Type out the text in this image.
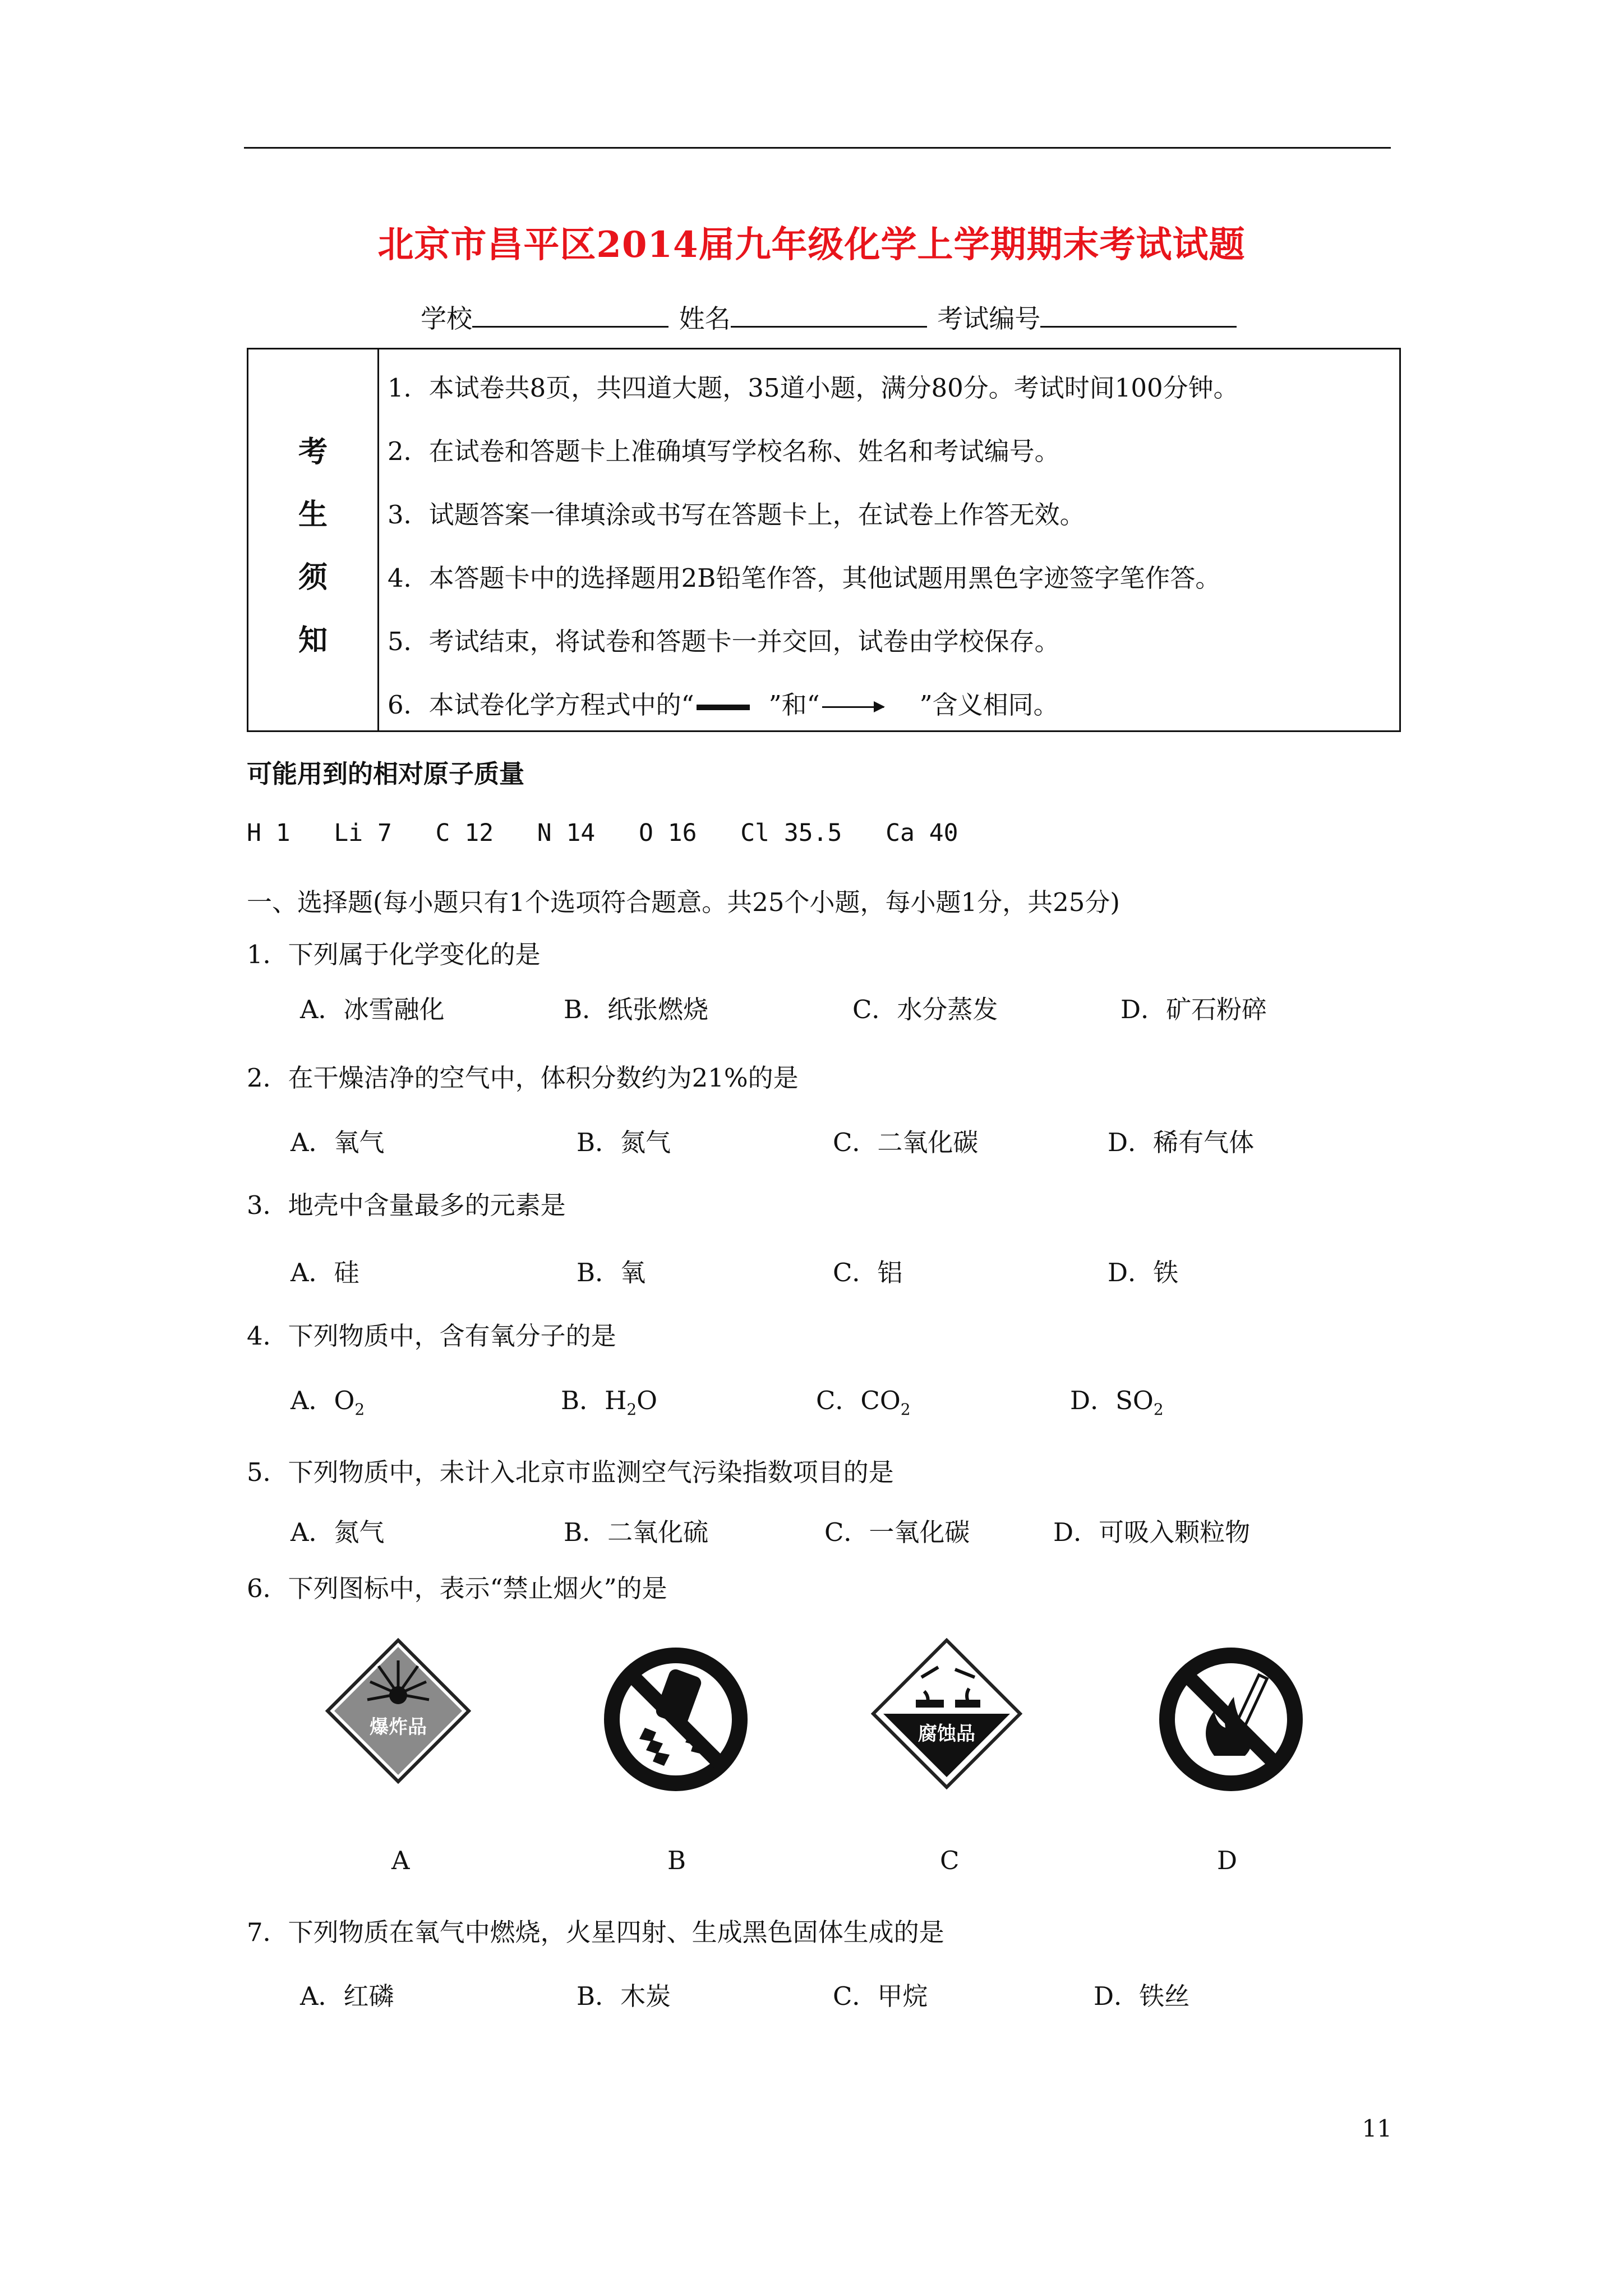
北京市昌平区2014届九年级化学上学期期末考试试题
学校	姓名	考试编号
考
生
须
知
1．本试卷共8页，共四道大题，35道小题，满分80分。考试时间100分钟。
2．在试卷和答题卡上准确填写学校名称、姓名和考试编号。
3．试题答案一律填涂或书写在答题卡上，在试卷上作答无效。
4．本答题卡中的选择题用2B铅笔作答，其他试题用黑色字迹签字笔作答。
5．考试结束，将试卷和答题卡一并交回，试卷由学校保存。
6．本试卷化学方程式中的“	”和“ → ”含义相同。
可能用到的相对原子质量
H 1   Li 7   C 12   N 14   O 16   Cl 35.5   Ca 40
一、选择题(每小题只有1个选项符合题意。共25个小题，每小题1分，共25分)
1．下列属于化学变化的是
A．冰雪融化	B．纸张燃烧	C．水分蒸发	D．矿石粉碎
2．在干燥洁净的空气中，体积分数约为21%的是
A．氧气	B．氮气	C．二氧化碳	D．稀有气体
3．地壳中含量最多的元素是
A．硅	B．氧	C．铝	D．铁
4．下列物质中，含有氧分子的是
A．$O_2$	B．$H_2O$	C．$CO_2$	D．$SO_2$
5．下列物质中，未计入北京市监测空气污染指数项目的是
A．氮气	B．二氧化硫	C．一氧化碳	D．可吸入颗粒物
6．下列图标中，表示“禁止烟火”的是
爆炸品	腐蚀品
A	B	C	D
7．下列物质在氧气中燃烧，火星四射、生成黑色固体生成的是
A．红磷	B．木炭	C．甲烷	D．铁丝
11
